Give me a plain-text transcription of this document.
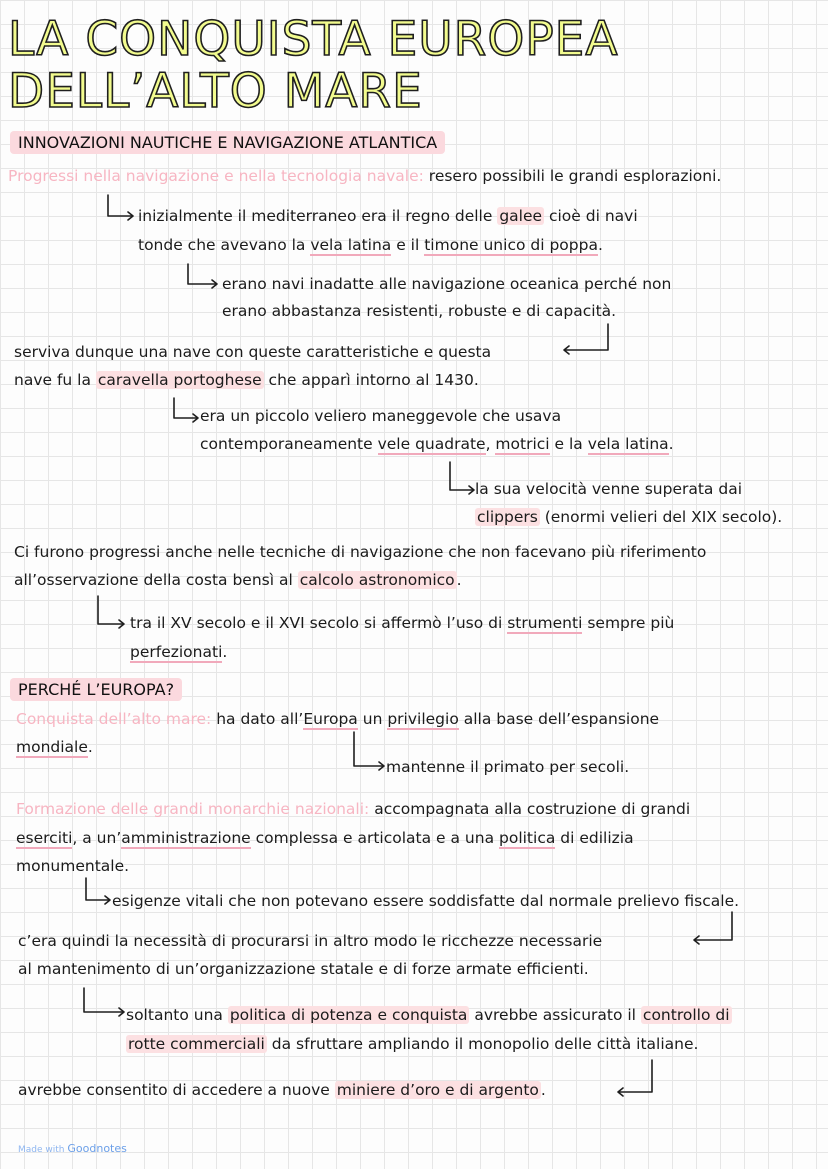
LA CONQUISTA EUROPEA
DELL’ALTO MARE
INNOVAZIONI NAUTICHE E NAVIGAZIONE ATLANTICA
Progressi nella navigazione e nella tecnologia navale: resero possibili le grandi esplorazioni.
inizialmente il mediterraneo era il regno delle galee cioè di navi
tonde che avevano la vela latina e il timone unico di poppa.
erano navi inadatte alle navigazione oceanica perché non
erano abbastanza resistenti, robuste e di capacità.
serviva dunque una nave con queste caratteristiche e questa
nave fu la caravella portoghese che apparì intorno al 1430.
era un piccolo veliero maneggevole che usava
contemporaneamente vele quadrate, motrici e la vela latina.
la sua velocità venne superata dai
clippers (enormi velieri del XIX secolo).
Ci furono progressi anche nelle tecniche di navigazione che non facevano più riferimento
all’osservazione della costa bensì al calcolo astronomico .
tra il XV secolo e il XVI secolo si affermò l’uso di strumenti sempre più
perfezionati.
PERCHÉ L’EUROPA?
Conquista dell’alto mare: ha dato all’Europa un privilegio alla base dell’espansione
mondiale.
mantenne il primato per secoli.
Formazione delle grandi monarchie nazionali: accompagnata alla costruzione di grandi
eserciti, a un’amministrazione complessa e articolata e a una politica di edilizia
monumentale.
esigenze vitali che non potevano essere soddisfatte dal normale prelievo fiscale.
c’era quindi la necessità di procurarsi in altro modo le ricchezze necessarie
al mantenimento di un’organizzazione statale e di forze armate efficienti.
soltanto una politica di potenza e conquista avrebbe assicurato il controllo di
rotte commerciali da sfruttare ampliando il monopolio delle città italiane.
avrebbe consentito di accedere a nuove miniere d’oro e di argento .
Made with Goodnotes
